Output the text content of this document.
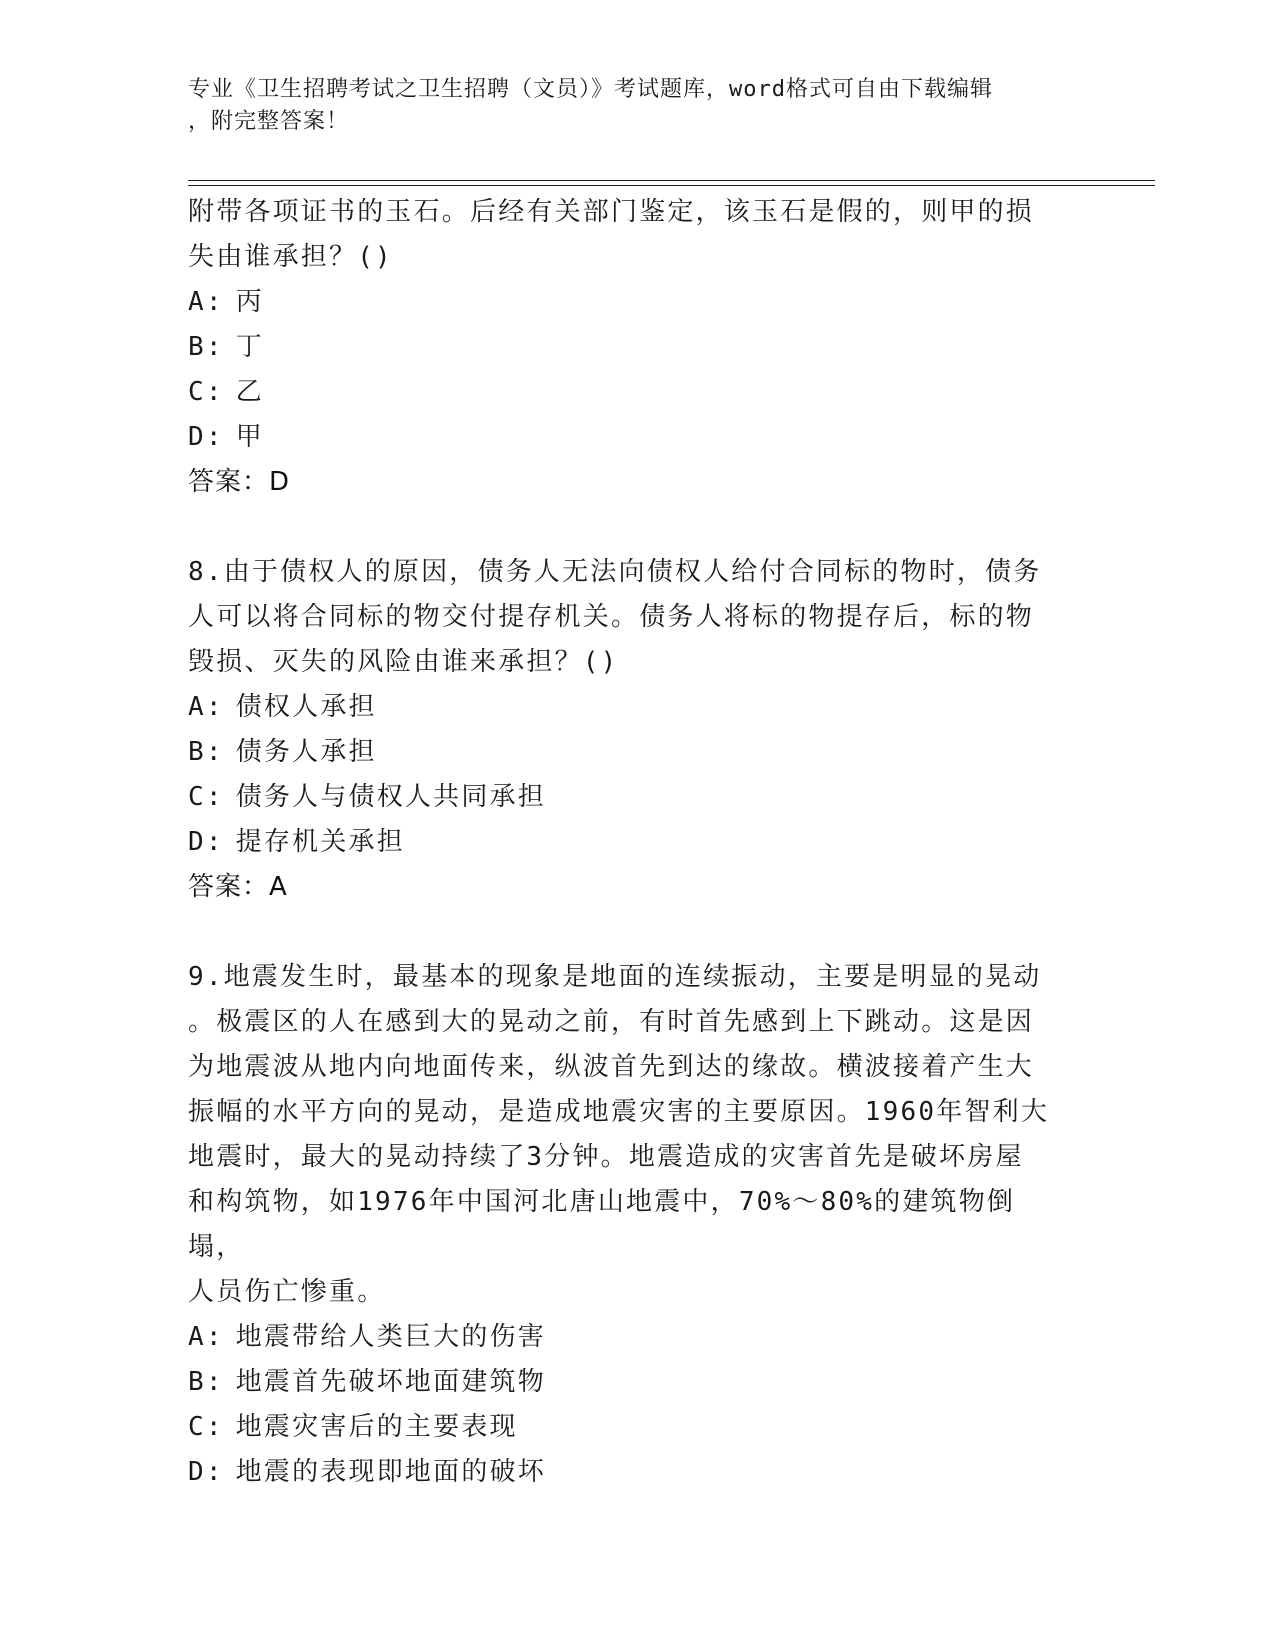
专业《卫生招聘考试之卫生招聘（文员）》考试题库，word格式可自由下载编辑
，附完整答案！

附带各项证书的玉石。后经有关部门鉴定，该玉石是假的，则甲的损

失由谁承担？()

A: 丙

B: 丁

C: 乙

D: 甲

答案：D

8.由于债权人的原因，债务人无法向债权人给付合同标的物时，债务

人可以将合同标的物交付提存机关。债务人将标的物提存后，标的物

毁损、灭失的风险由谁来承担？()

A: 债权人承担

B: 债务人承担

C: 债务人与债权人共同承担

D: 提存机关承担

答案：A

9.地震发生时，最基本的现象是地面的连续振动，主要是明显的晃动

。极震区的人在感到大的晃动之前，有时首先感到上下跳动。这是因

为地震波从地内向地面传来，纵波首先到达的缘故。横波接着产生大

振幅的水平方向的晃动，是造成地震灾害的主要原因。1960年智利大

地震时，最大的晃动持续了3分钟。地震造成的灾害首先是破坏房屋

和构筑物，如1976年中国河北唐山地震中，70%～80%的建筑物倒塌，

人员伤亡惨重。

A: 地震带给人类巨大的伤害

B: 地震首先破坏地面建筑物

C: 地震灾害后的主要表现

D: 地震的表现即地面的破坏
